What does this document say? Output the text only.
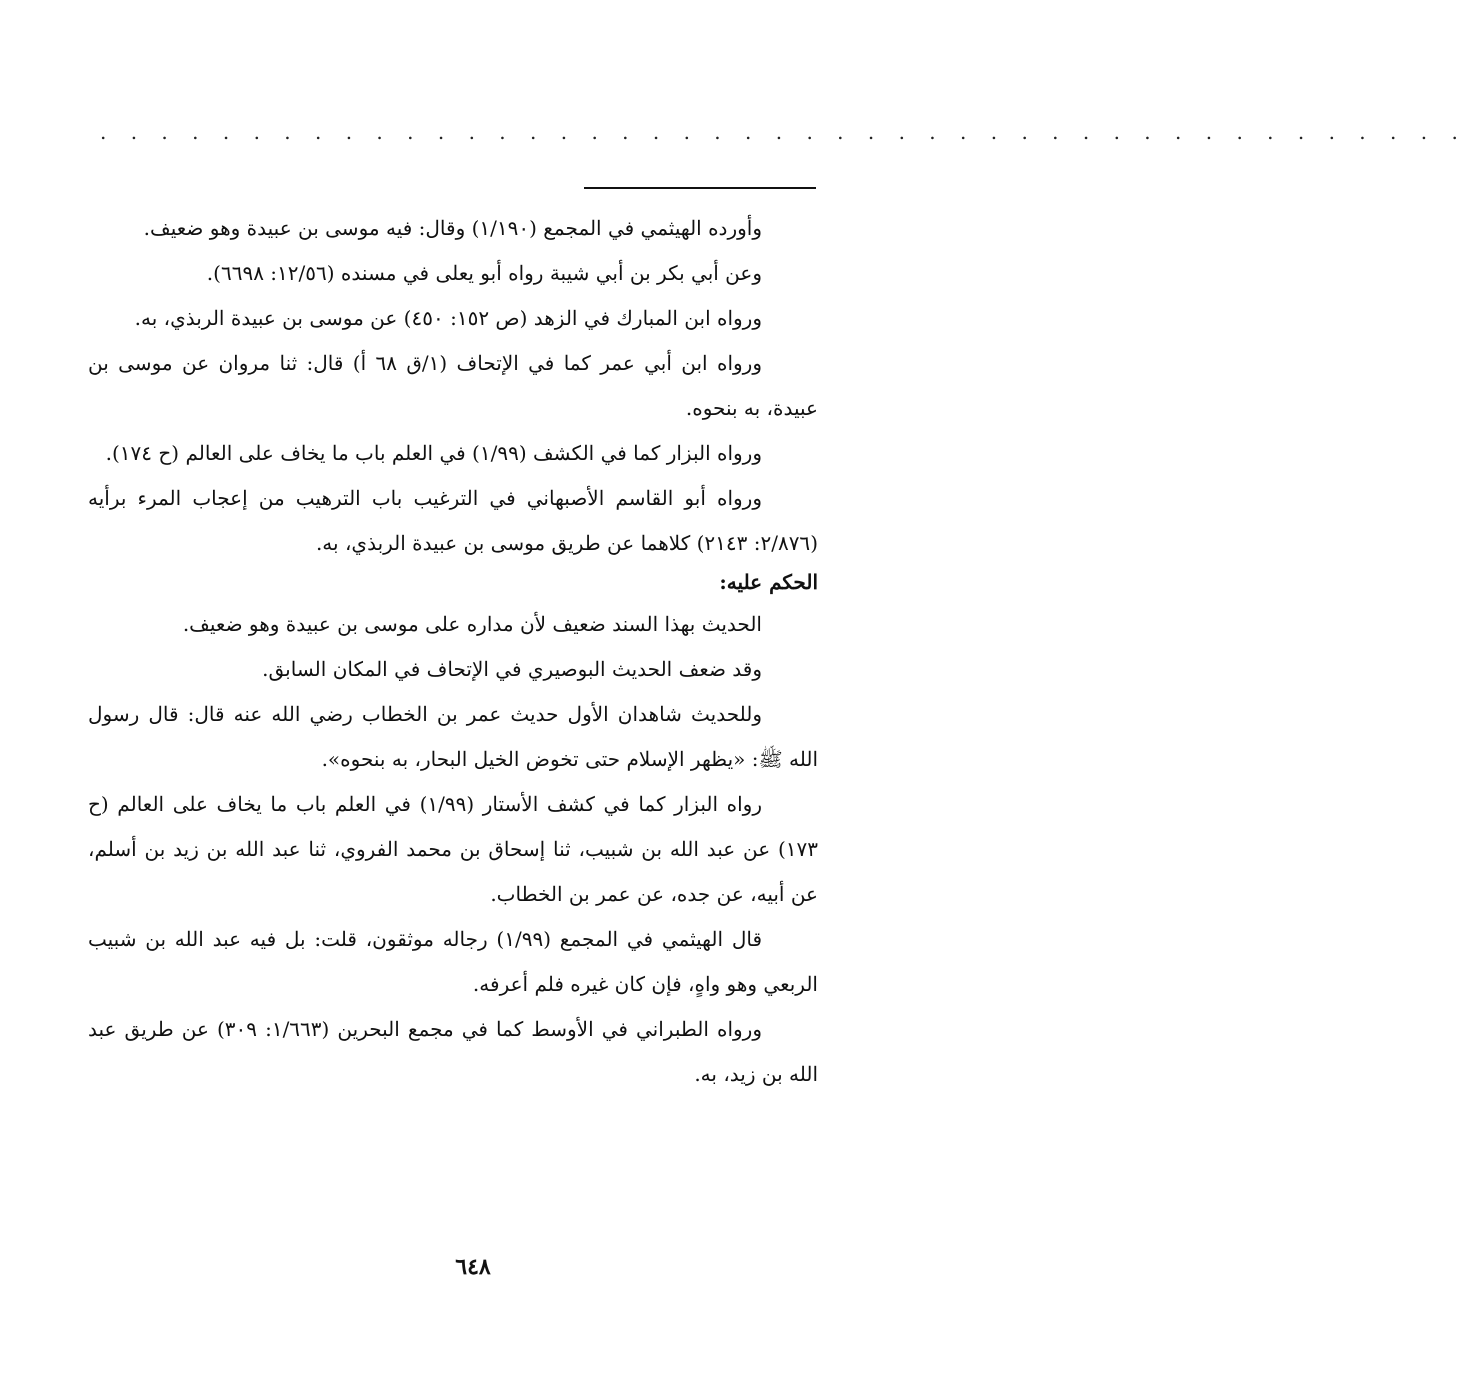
. . . . . . . . . . . . . . . . . . . . . . . . . . . . . . . . . . . . . . . . . . . . .

وأورده الهيثمي في المجمع (١/١٩٠) وقال: فيه موسى بن عبيدة وهو ضعيف.

وعن أبي بكر بن أبي شيبة رواه أبو يعلى في مسنده (١٢/٥٦: ٦٦٩٨).

ورواه ابن المبارك في الزهد (ص ١٥٢: ٤٥٠) عن موسى بن عبيدة الربذي، به.

ورواه ابن أبي عمر كما في الإتحاف (١/ق ٦٨ أ) قال: ثنا مروان عن موسى بن عبيدة، به بنحوه.

ورواه البزار كما في الكشف (١/٩٩) في العلم باب ما يخاف على العالم (ح ١٧٤).

ورواه أبو القاسم الأصبهاني في الترغيب باب الترهيب من إعجاب المرء برأيه (٢/٨٧٦: ٢١٤٣) كلاهما عن طريق موسى بن عبيدة الربذي، به.

الحكم عليه:

الحديث بهذا السند ضعيف لأن مداره على موسى بن عبيدة وهو ضعيف.

وقد ضعف الحديث البوصيري في الإتحاف في المكان السابق.

وللحديث شاهدان الأول حديث عمر بن الخطاب رضي الله عنه قال: قال رسول الله ﷺ: «يظهر الإسلام حتى تخوض الخيل البحار، به بنحوه».

رواه البزار كما في كشف الأستار (١/٩٩) في العلم باب ما يخاف على العالم (ح ١٧٣) عن عبد الله بن شبيب، ثنا إسحاق بن محمد الفروي، ثنا عبد الله بن زيد بن أسلم، عن أبيه، عن جده، عن عمر بن الخطاب.

قال الهيثمي في المجمع (١/٩٩) رجاله موثقون، قلت: بل فيه عبد الله بن شبيب الربعي وهو واهٍ، فإن كان غيره فلم أعرفه.

ورواه الطبراني في الأوسط كما في مجمع البحرين (١/٦٦٣: ٣٠٩) عن طريق عبد الله بن زيد، به.

٦٤٨
